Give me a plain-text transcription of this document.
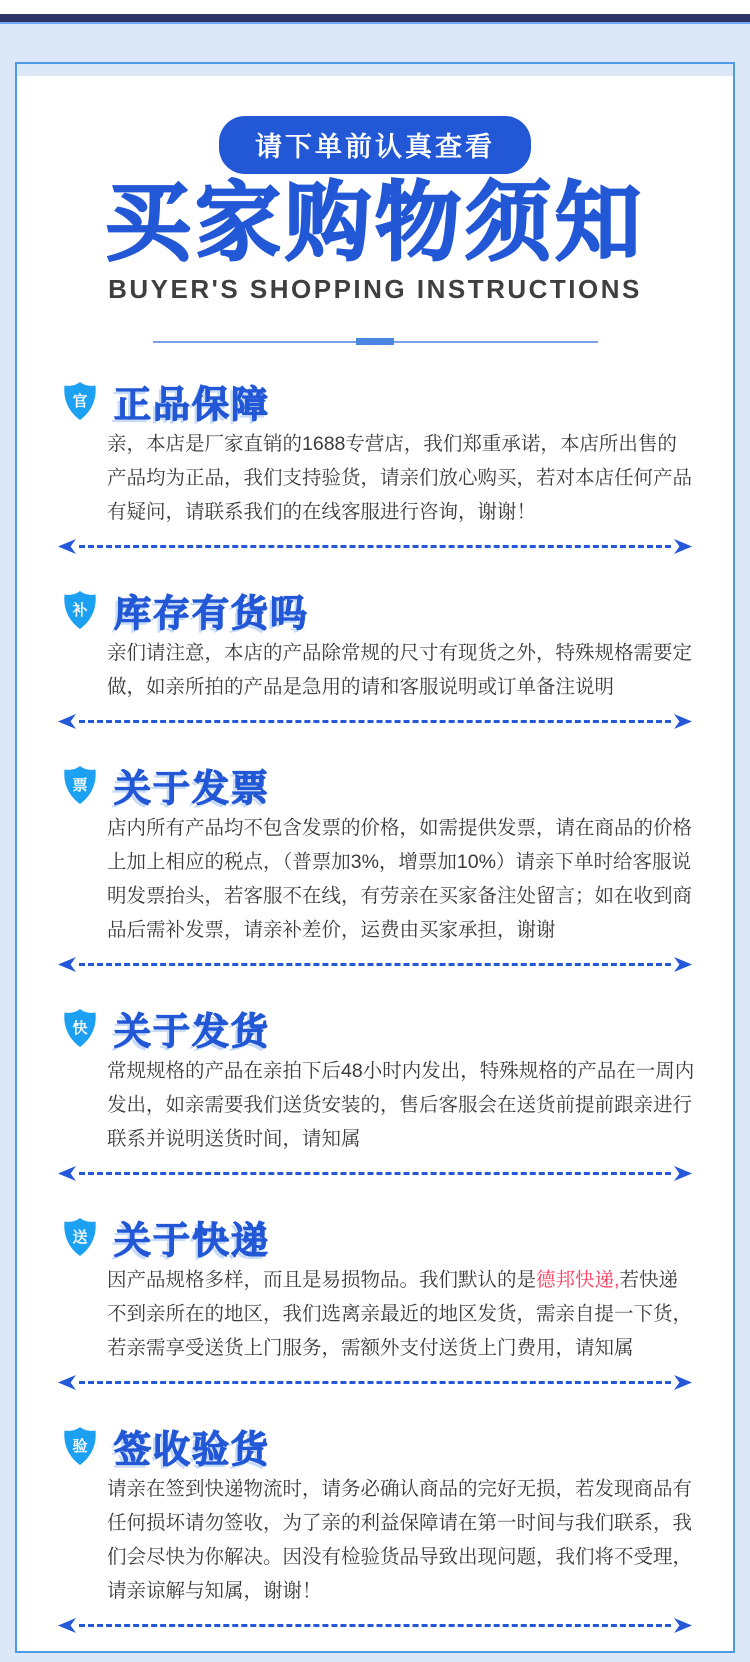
请下单前认真查看
买家购物须知
BUYER'S SHOPPING INSTRUCTIONS
官 正品保障
亲，本店是厂家直销的1688专营店，我们郑重承诺，本店所出售的产品均为正品，我们支持验货，请亲们放心购买，若对本店任何产品有疑问，请联系我们的在线客服进行咨询，谢谢！
补 库存有货吗
亲们请注意，本店的产品除常规的尺寸有现货之外，特殊规格需要定做，如亲所拍的产品是急用的请和客服说明或订单备注说明
票 关于发票
店内所有产品均不包含发票的价格，如需提供发票，请在商品的价格上加上相应的税点，（普票加3%，增票加10%）请亲下单时给客服说明发票抬头，若客服不在线，有劳亲在买家备注处留言；如在收到商品后需补发票，请亲补差价，运费由买家承担，谢谢
快 关于发货
常规规格的产品在亲拍下后48小时内发出，特殊规格的产品在一周内发出，如亲需要我们送货安装的，售后客服会在送货前提前跟亲进行联系并说明送货时间，请知属
送 关于快递
因产品规格多样，而且是易损物品。我们默认的是德邦快递,若快递不到亲所在的地区，我们选离亲最近的地区发货，需亲自提一下货，若亲需享受送货上门服务，需额外支付送货上门费用，请知属
验 签收验货
请亲在签到快递物流时，请务必确认商品的完好无损，若发现商品有任何损坏请勿签收，为了亲的利益保障请在第一时间与我们联系，我们会尽快为你解决。因没有检验货品导致出现问题，我们将不受理，请亲谅解与知属，谢谢！
